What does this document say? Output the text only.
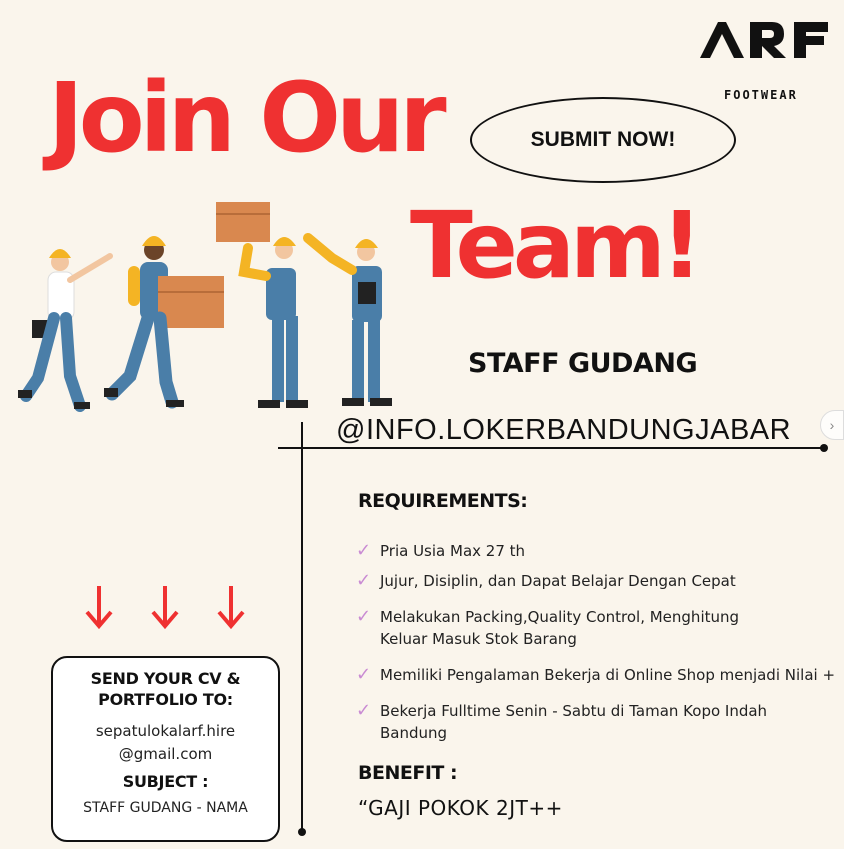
FOOTWEAR
Join Our
Team!
SUBMIT NOW!
STAFF GUDANG
@INFO.LOKERBANDUNGJABAR	›
REQUIREMENTS:
✓ Pria Usia Max 27 th
✓ Jujur, Disiplin, dan Dapat Belajar Dengan Cepat
✓ Melakukan Packing,Quality Control, Menghitung Keluar Masuk Stok Barang
✓ Memiliki Pengalaman Bekerja di Online Shop menjadi Nilai +
✓ Bekerja Fulltime Senin - Sabtu di Taman Kopo Indah Bandung
BENEFIT :
“GAJI POKOK 2JT++
SEND YOUR CV &
PORTFOLIO TO:
sepatulokalarf.hire
@gmail.com
SUBJECT :
STAFF GUDANG - NAMA
